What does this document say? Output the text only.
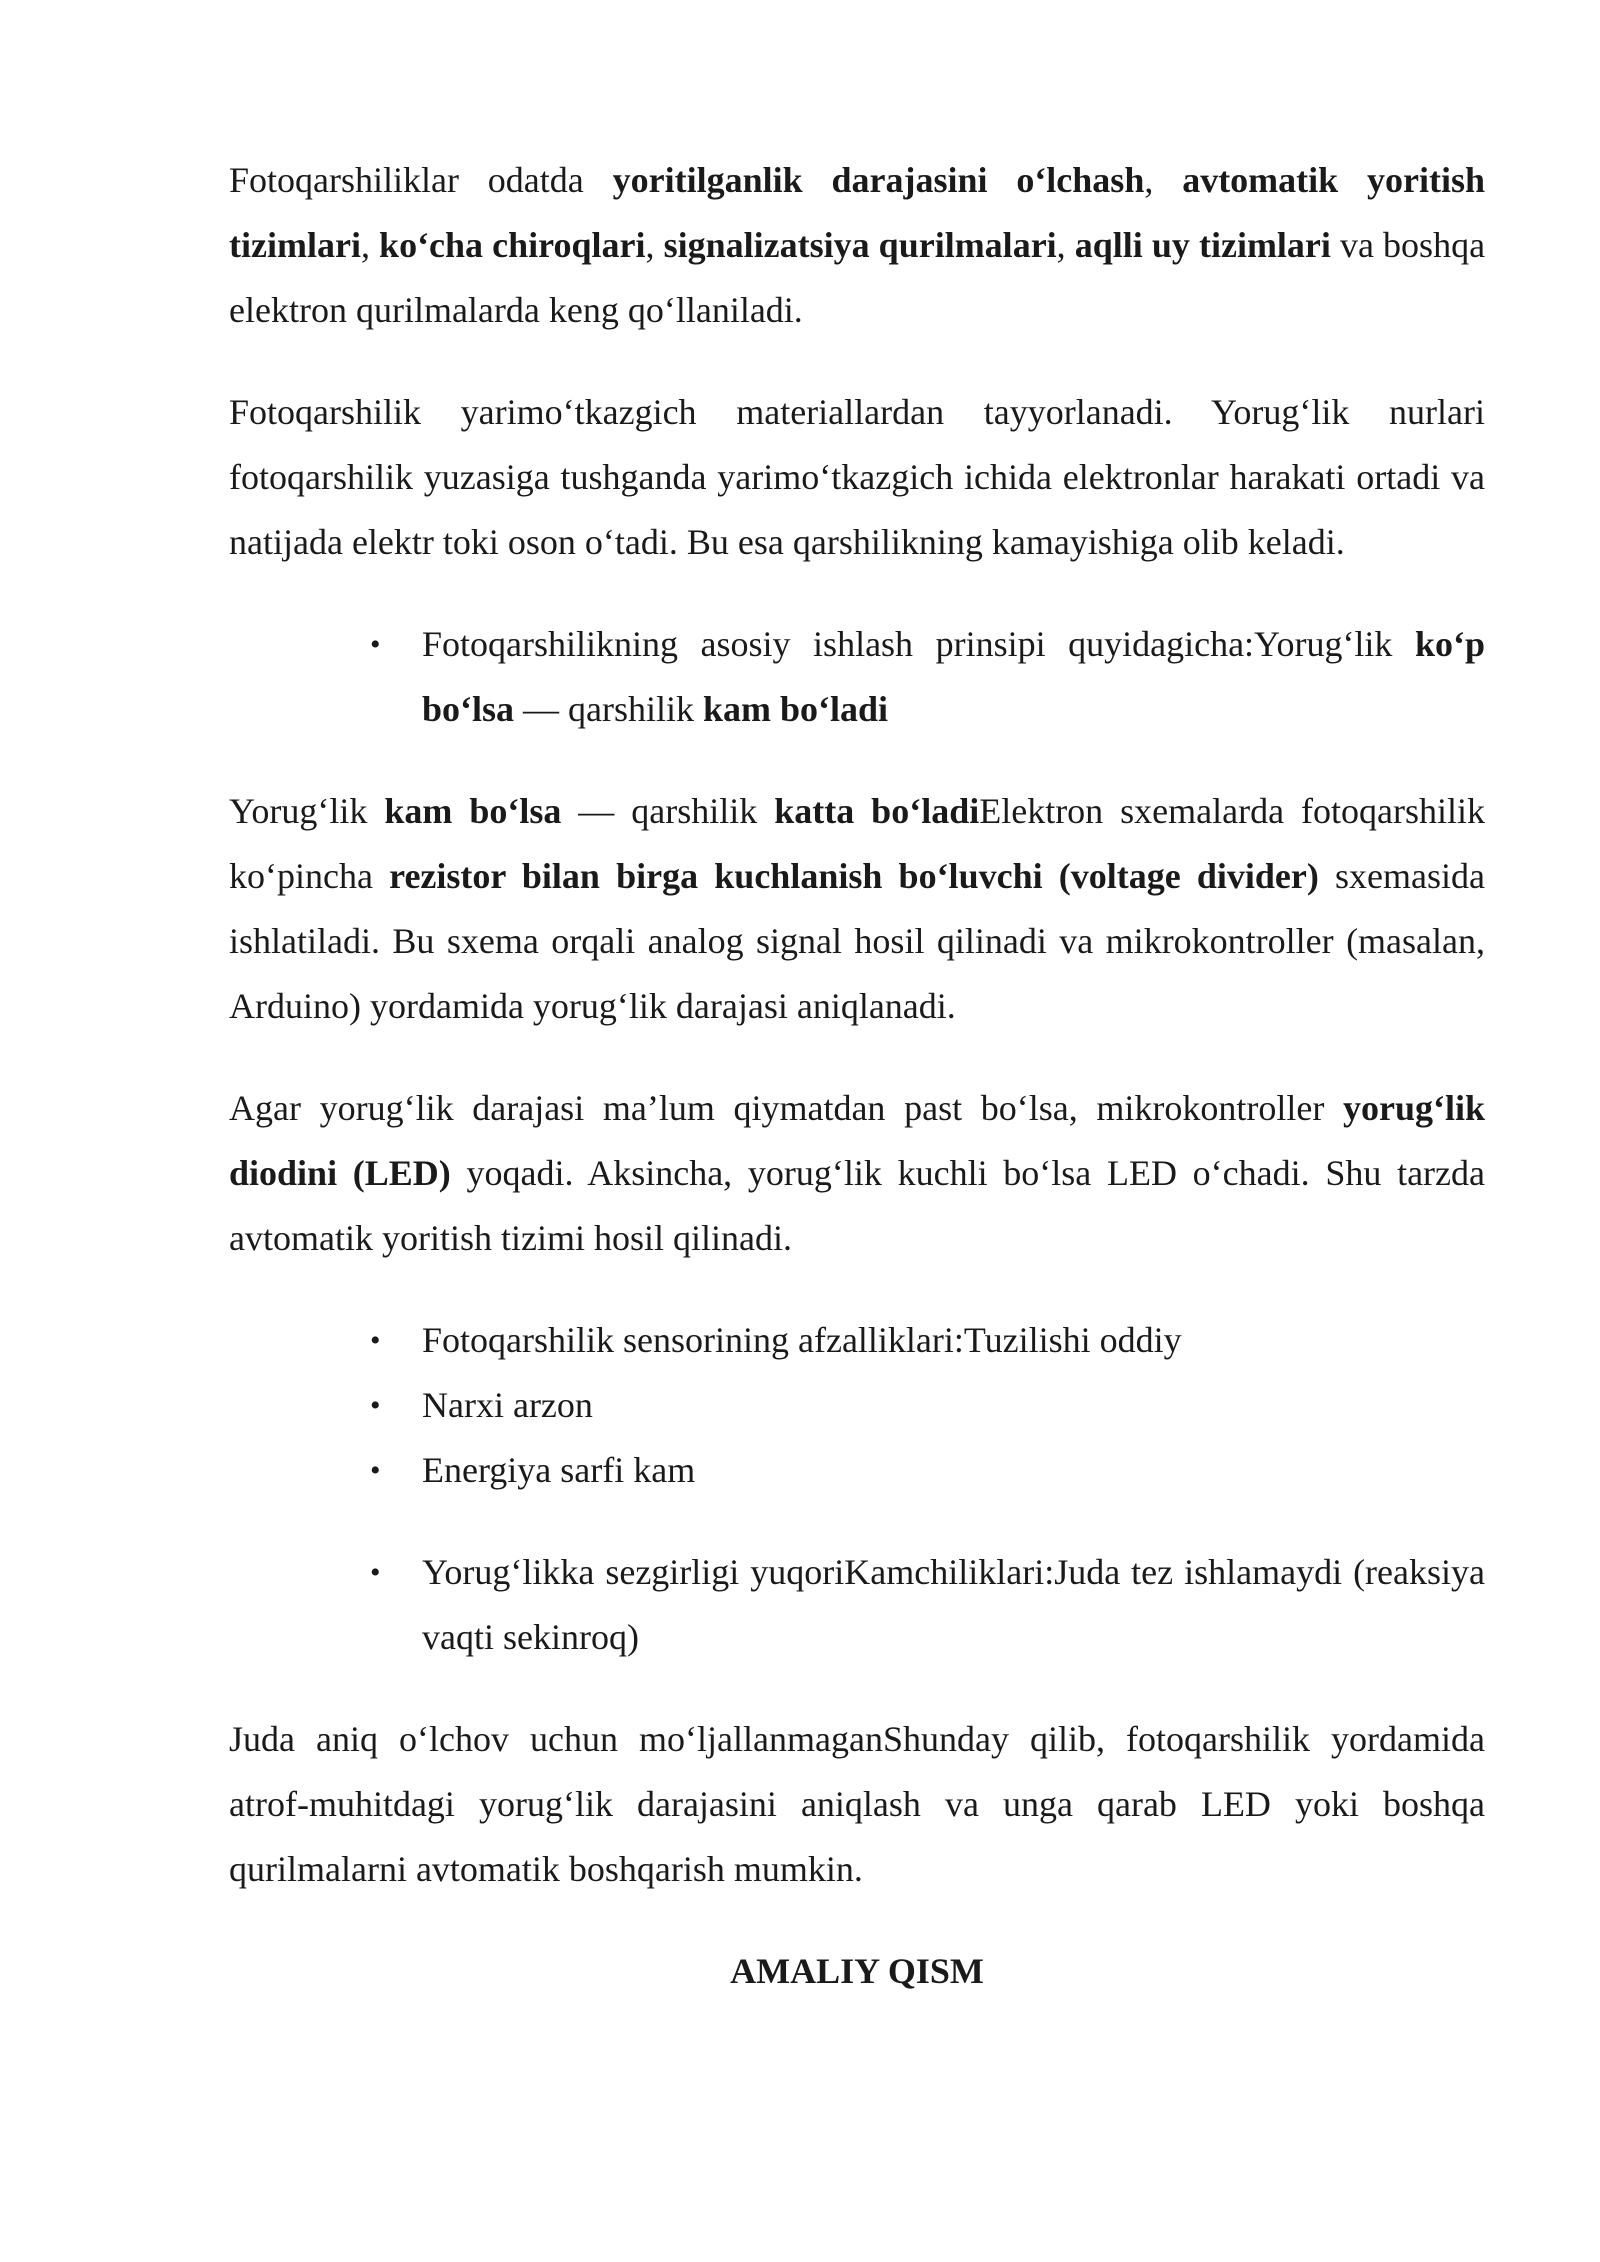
Fotoqarshiliklar odatda yoritilganlik darajasini o‘lchash, avtomatik yoritish tizimlari, ko‘cha chiroqlari, signalizatsiya qurilmalari, aqlli uy tizimlari va boshqa elektron qurilmalarda keng qo‘llaniladi.

Fotoqarshilik yarimo‘tkazgich materiallardan tayyorlanadi. Yorug‘lik nurlari fotoqarshilik yuzasiga tushganda yarimo‘tkazgich ichida elektronlar harakati ortadi va natijada elektr toki oson o‘tadi. Bu esa qarshilikning kamayishiga olib keladi.

• Fotoqarshilikning asosiy ishlash prinsipi quyidagicha:Yorug‘lik ko‘p bo‘lsa — qarshilik kam bo‘ladi

Yorug‘lik kam bo‘lsa — qarshilik katta bo‘ladiElektron sxemalarda fotoqarshilik ko‘pincha rezistor bilan birga kuchlanish bo‘luvchi (voltage divider) sxemasida ishlatiladi. Bu sxema orqali analog signal hosil qilinadi va mikrokontroller (masalan, Arduino) yordamida yorug‘lik darajasi aniqlanadi.

Agar yorug‘lik darajasi ma’lum qiymatdan past bo‘lsa, mikrokontroller yorug‘lik diodini (LED) yoqadi. Aksincha, yorug‘lik kuchli bo‘lsa LED o‘chadi. Shu tarzda avtomatik yoritish tizimi hosil qilinadi.

• Fotoqarshilik sensorining afzalliklari:Tuzilishi oddiy
• Narxi arzon
• Energiya sarfi kam
• Yorug‘likka sezgirligi yuqoriKamchiliklari:Juda tez ishlamaydi (reaksiya vaqti sekinroq)

Juda aniq o‘lchov uchun mo‘ljallanmaganShunday qilib, fotoqarshilik yordamida atrof-muhitdagi yorug‘lik darajasini aniqlash va unga qarab LED yoki boshqa qurilmalarni avtomatik boshqarish mumkin.

AMALIY QISM
